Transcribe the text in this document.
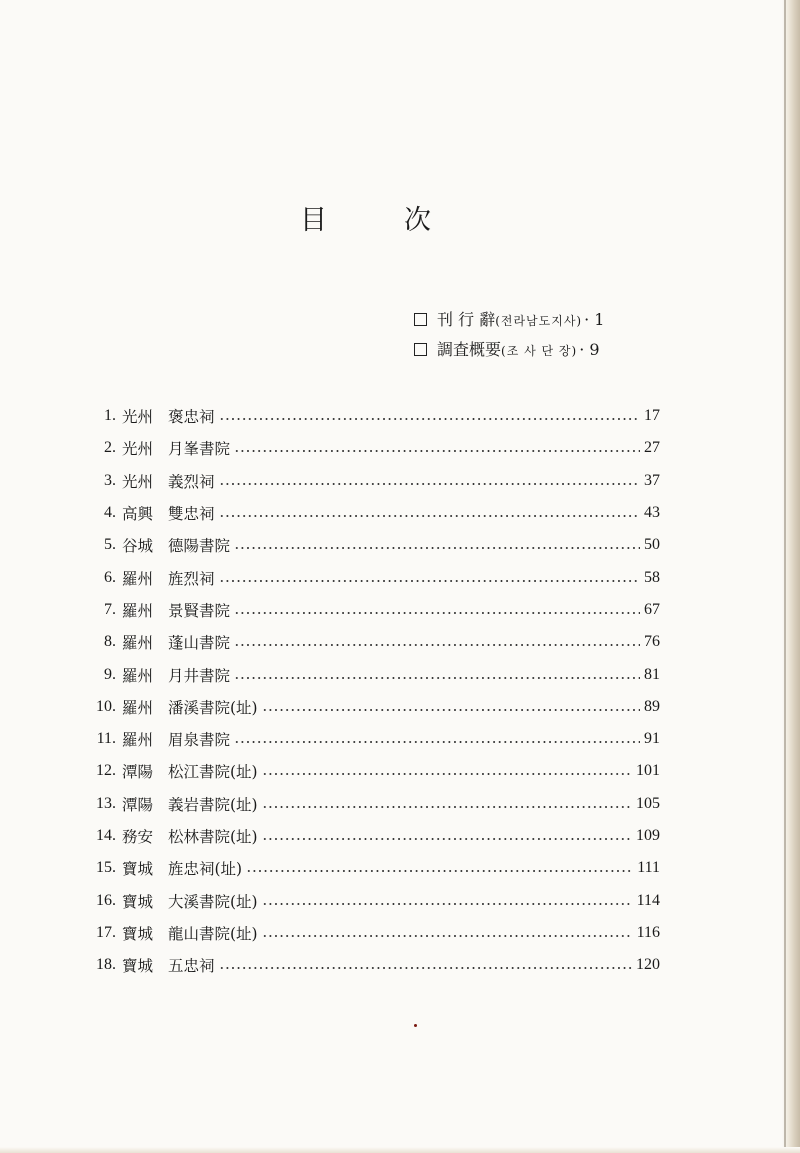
目	次
刊 行 辭(전라남도지사) · 1
調査概要(조 사 단 장) · 9
1. 光州 褒忠祠	17
2. 光州 月峯書院	27
3. 光州 義烈祠	37
4. 高興 雙忠祠	43
5. 谷城 德陽書院	50
6. 羅州 旌烈祠	58
7. 羅州 景賢書院	67
8. 羅州 蓬山書院	76
9. 羅州 月井書院	81
10. 羅州 潘溪書院(址)	89
11. 羅州 眉泉書院	91
12. 潭陽 松江書院(址)	101
13. 潭陽 義岩書院(址)	105
14. 務安 松林書院(址)	109
15. 寶城 旌忠祠(址)	111
16. 寶城 大溪書院(址)	114
17. 寶城 龍山書院(址)	116
18. 寶城 五忠祠	120
